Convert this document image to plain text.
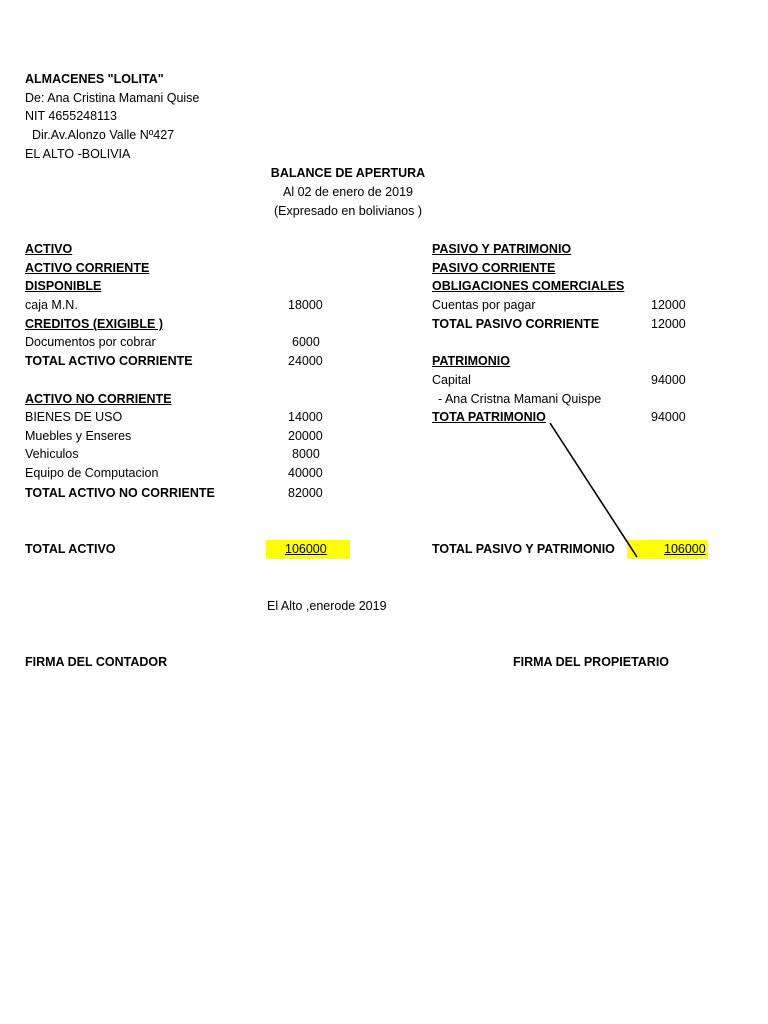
ALMACENES "LOLITA"
De: Ana Cristina Mamani Quise
NIT 4655248113
Dir.Av.Alonzo Valle Nº427
EL ALTO -BOLIVIA
BALANCE DE APERTURA
Al 02 de enero de 2019
(Expresado en bolivianos )
ACTIVO
ACTIVO CORRIENTE
DISPONIBLE
caja M.N.	18000
CREDITOS (EXIGIBLE )
Documentos por cobrar	6000
TOTAL ACTIVO CORRIENTE	24000
ACTIVO NO CORRIENTE
BIENES DE USO	14000
Muebles y Enseres	20000
Vehiculos	8000
Equipo de Computacion	40000
TOTAL ACTIVO NO CORRIENTE	82000
TOTAL ACTIVO	106000
PASIVO Y PATRIMONIO
PASIVO CORRIENTE
OBLIGACIONES COMERCIALES
Cuentas por pagar	12000
TOTAL PASIVO CORRIENTE	12000
PATRIMONIO
Capital	94000
- Ana Cristna Mamani Quispe
TOTA PATRIMONIO	94000
TOTAL PASIVO Y PATRIMONIO	106000
El Alto ,enerode 2019
FIRMA DEL CONTADOR	FIRMA DEL PROPIETARIO
